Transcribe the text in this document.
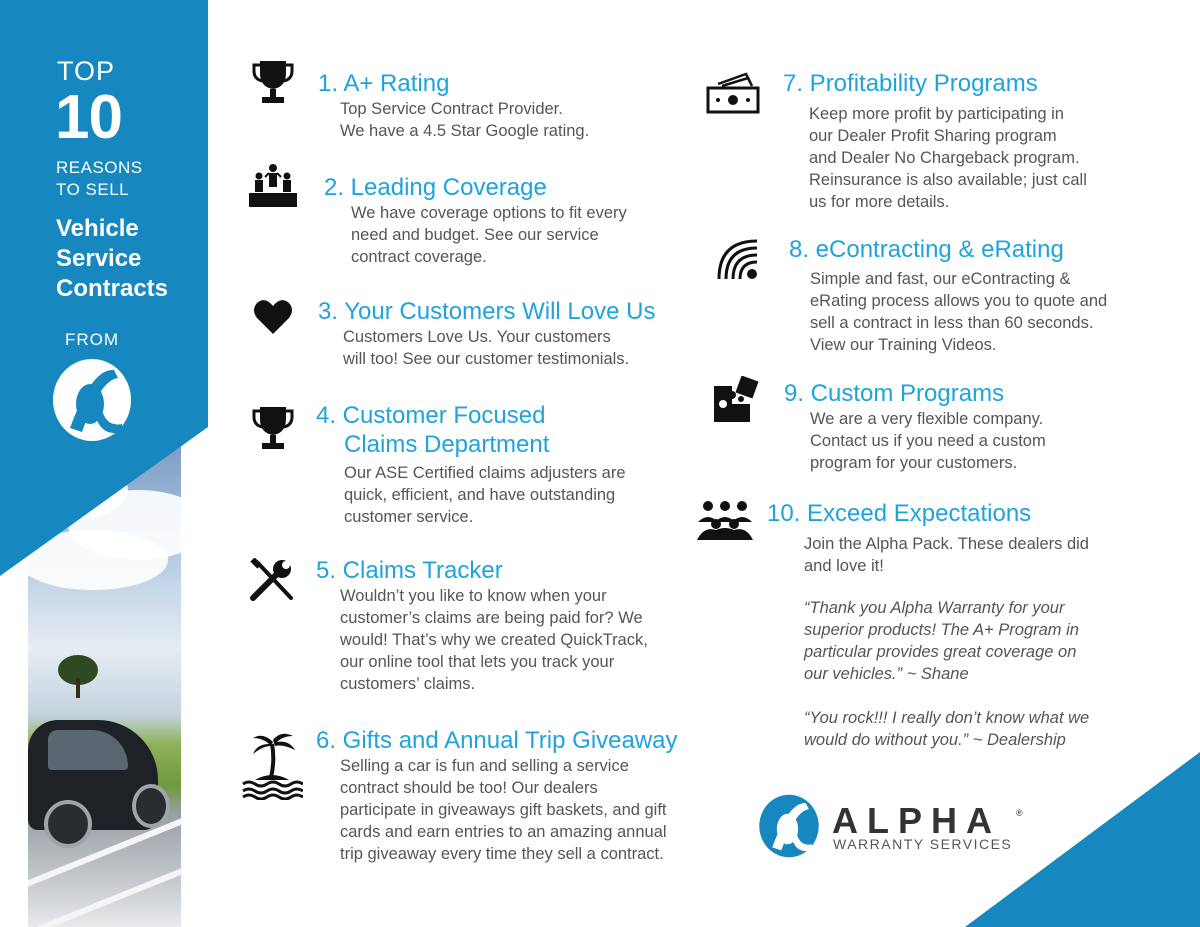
TOP
10
REASONS
TO SELL
Vehicle
Service
Contracts
FROM
1. A+ Rating
Top Service Contract Provider.
We have a 4.5 Star Google rating.
2. Leading Coverage
We have coverage options to fit every
need and budget. See our service
contract coverage.
3. Your Customers Will Love Us
Customers Love Us. Your customers
will too! See our customer testimonials.
4. Customer Focused
Claims Department
Our ASE Certified claims adjusters are
quick, efficient, and have outstanding
customer service.
5. Claims Tracker
Wouldn’t you like to know when your
customer’s claims are being paid for? We
would! That’s why we created QuickTrack,
our online tool that lets you track your
customers’ claims.
6. Gifts and Annual Trip Giveaway
Selling a car is fun and selling a service
contract should be too! Our dealers
participate in giveaways gift baskets, and gift
cards and earn entries to an amazing annual
trip giveaway every time they sell a contract.
7. Profitability Programs
Keep more profit by participating in
our Dealer Profit Sharing program
and Dealer No Chargeback program.
Reinsurance is also available; just call
us for more details.
8. eContracting & eRating
Simple and fast, our eContracting &
eRating process allows you to quote and
sell a contract in less than 60 seconds.
View our Training Videos.
9. Custom Programs
We are a very flexible company.
Contact us if you need a custom
program for your customers.
10. Exceed Expectations
Join the Alpha Pack. These dealers did
and love it!
“Thank you Alpha Warranty for your
superior products! The A+ Program in
particular provides great coverage on
our vehicles.” ~ Shane
“You rock!!! I really don’t know what we
would do without you.” ~ Dealership
ALPHA ®
WARRANTY SERVICES
